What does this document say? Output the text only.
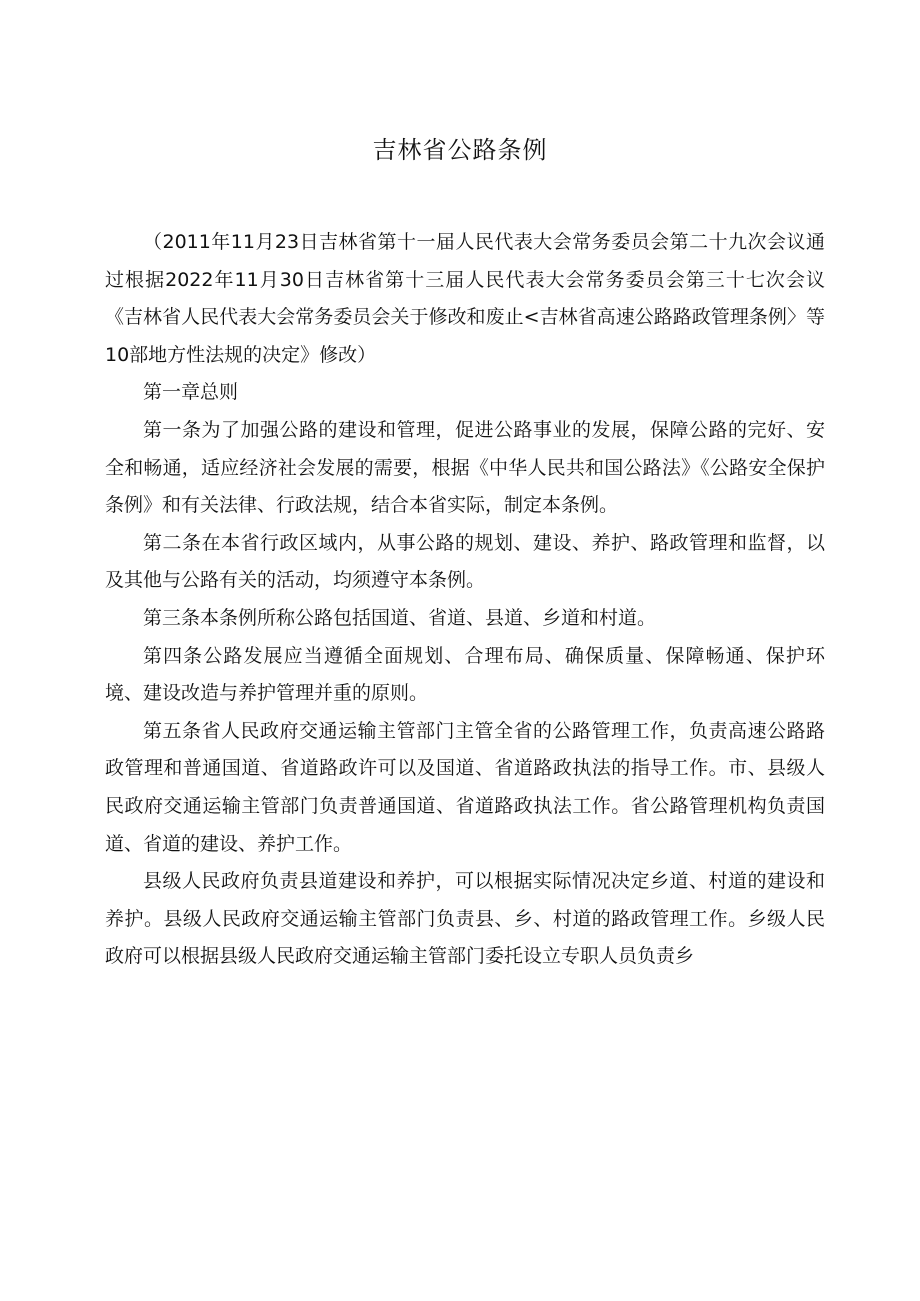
吉林省公路条例

（2011年11月23日吉林省第十一届人民代表大会常务委员会第二十九次会议通过根据2022年11月30日吉林省第十三届人民代表大会常务委员会第三十七次会议《吉林省人民代表大会常务委员会关于修改和废止<吉林省高速公路路政管理条例〉等10部地方性法规的决定》修改）

第一章总则

第一条为了加强公路的建设和管理，促进公路事业的发展，保障公路的完好、安全和畅通，适应经济社会发展的需要，根据《中华人民共和国公路法》《公路安全保护条例》和有关法律、行政法规，结合本省实际，制定本条例。

第二条在本省行政区域内，从事公路的规划、建设、养护、路政管理和监督，以及其他与公路有关的活动，均须遵守本条例。

第三条本条例所称公路包括国道、省道、县道、乡道和村道。

第四条公路发展应当遵循全面规划、合理布局、确保质量、保障畅通、保护环境、建设改造与养护管理并重的原则。

第五条省人民政府交通运输主管部门主管全省的公路管理工作，负责高速公路路政管理和普通国道、省道路政许可以及国道、省道路政执法的指导工作。市、县级人民政府交通运输主管部门负责普通国道、省道路政执法工作。省公路管理机构负责国道、省道的建设、养护工作。

县级人民政府负责县道建设和养护，可以根据实际情况决定乡道、村道的建设和养护。县级人民政府交通运输主管部门负责县、乡、村道的路政管理工作。乡级人民政府可以根据县级人民政府交通运输主管部门委托设立专职人员负责乡
